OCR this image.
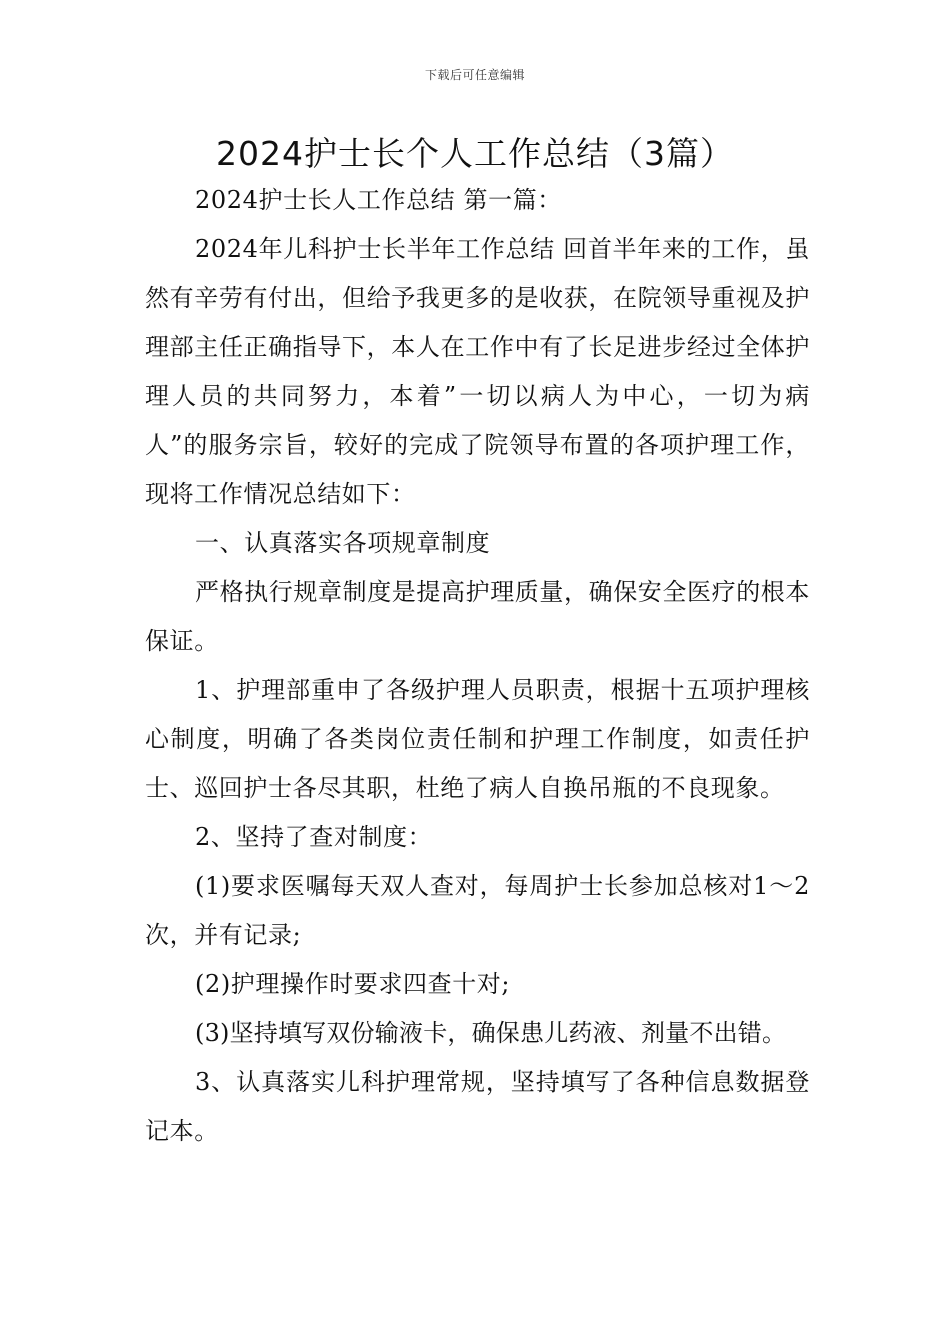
下载后可任意编辑
2024护士长个人工作总结（3篇）

2024护士长人工作总结 第一篇：

2024年儿科护士长半年工作总结 回首半年来的工作，虽然有辛劳有付出，但给予我更多的是收获，在院领导重视及护理部主任正确指导下，本人在工作中有了长足进步经过全体护理人员的共同努力，本着”一切以病人为中心，一切为病人”的服务宗旨，较好的完成了院领导布置的各项护理工作，现将工作情况总结如下：

一、认真落实各项规章制度

严格执行规章制度是提高护理质量，确保安全医疗的根本保证。

1、护理部重申了各级护理人员职责，根据十五项护理核心制度，明确了各类岗位责任制和护理工作制度，如责任护士、巡回护士各尽其职，杜绝了病人自换吊瓶的不良现象。

2、坚持了查对制度：

(1)要求医嘱每天双人查对，每周护士长参加总核对1～2次，并有记录;

(2)护理操作时要求四查十对;

(3)坚持填写双份输液卡，确保患儿药液、剂量不出错。

3、认真落实儿科护理常规，坚持填写了各种信息数据登记本。
